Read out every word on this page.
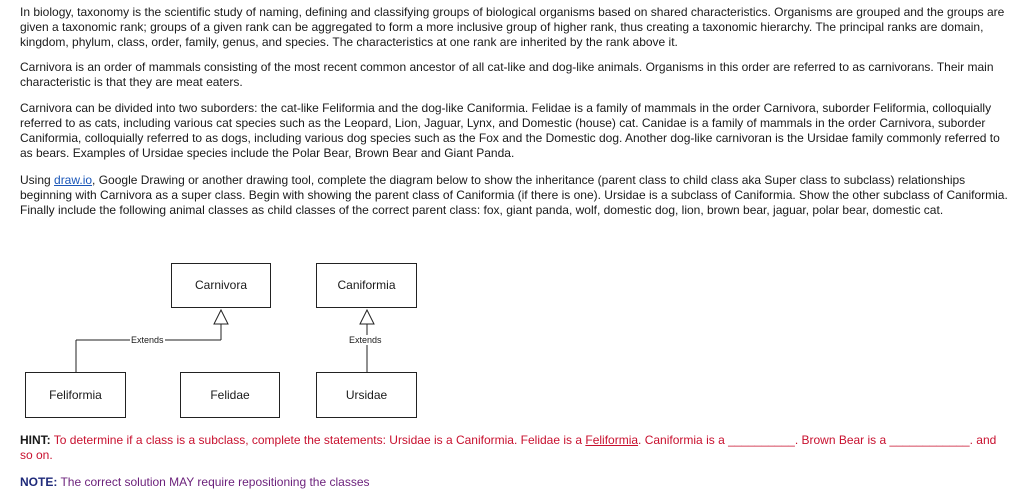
In biology, taxonomy is the scientific study of naming, defining and classifying groups of biological organisms based on shared characteristics. Organisms are grouped and the groups are given a taxonomic rank; groups of a given rank can be aggregated to form a more inclusive group of higher rank, thus creating a taxonomic hierarchy. The principal ranks are domain, kingdom, phylum, class, order, family, genus, and species. The characteristics at one rank are inherited by the rank above it.

Carnivora is an order of mammals consisting of the most recent common ancestor of all cat-like and dog-like animals. Organisms in this order are referred to as carnivorans. Their main characteristic is that they are meat eaters.

Carnivora can be divided into two suborders: the cat-like Feliformia and the dog-like Caniformia. Felidae is a family of mammals in the order Carnivora, suborder Feliformia, colloquially referred to as cats, including various cat species such as the Leopard, Lion, Jaguar, Lynx, and Domestic (house) cat. Canidae is a family of mammals in the order Carnivora, suborder Caniformia, colloquially referred to as dogs, including various dog species such as the Fox and the Domestic dog. Another dog-like carnivoran is the Ursidae family commonly referred to as bears. Examples of Ursidae species include the Polar Bear, Brown Bear and Giant Panda.

Using draw.io, Google Drawing or another drawing tool, complete the diagram below to show the inheritance (parent class to child class aka Super class to subclass) relationships beginning with Carnivora as a super class. Begin with showing the parent class of Caniformia (if there is one). Ursidae is a subclass of Caniformia. Show the other subclass of Caniformia. Finally include the following animal classes as child classes of the correct parent class: fox, giant panda, wolf, domestic dog, lion, brown bear, jaguar, polar bear, domestic cat.

Carnivora	Caniformia
Feliformia	Felidae	Ursidae
Extends	Extends

HINT: To determine if a class is a subclass, complete the statements: Ursidae is a Caniformia. Felidae is a Feliformia. Caniformia is a __________. Brown Bear is a ____________. and so on.

NOTE: The correct solution MAY require repositioning the classes
